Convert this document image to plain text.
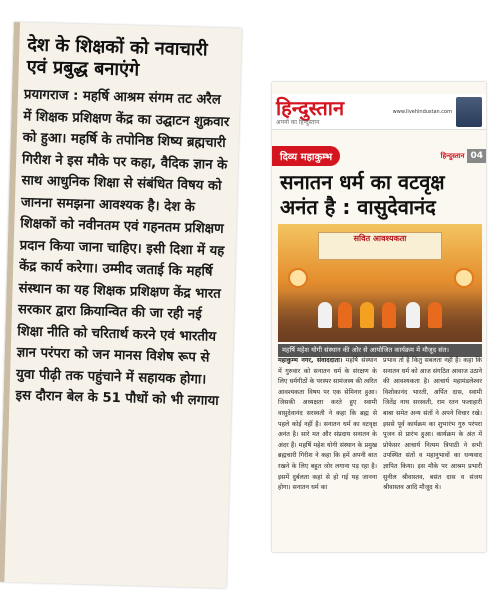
देश के शिक्षकों को नवाचारी एवं प्रबुद्ध बनाएंगे
प्रयागराज : महर्षि आश्रम संगम तट अरैल में शिक्षक प्रशिक्षण केंद्र का उद्घाटन शुक्रवार को हुआ। महर्षि के तपोनिष्ठ शिष्य ब्रह्मचारी गिरीश ने इस मौके पर कहा, वैदिक ज्ञान के साथ आधुनिक शिक्षा से संबंधित विषय को जानना समझना आवश्यक है। देश के शिक्षकों को नवीनतम एवं गहनतम प्रशिक्षण प्रदान किया जाना चाहिए। इसी दिशा में यह केंद्र कार्य करेगा। उम्मीद जताई कि महर्षि संस्थान का यह शिक्षक प्रशिक्षण केंद्र भारत सरकार द्वारा क्रियान्वित की जा रही नई शिक्षा नीति को चरितार्थ करने एवं भारतीय ज्ञान परंपरा को जन मानस विशेष रूप से युवा पीढ़ी तक पहुंचाने में सहायक होगा। इस दौरान बेल के 51 पौधों को भी लगाया
हिन्दुस्तान
अपनों का हिन्दुस्तान
www.livehindustan.com
दिव्य महाकुम्भ	हिन्दुस्तान 04
सनातन धर्म का वटवृक्ष अनंत है : वासुदेवानंद
सवित आवश्यकता
महर्षि महेश योगी संस्थान की ओर से आयोजित कार्यक्रम में मौजूद संत।
महाकुम्भ नगर, संवाददाता। महर्षि संस्थान में गुरुवार को सनातन धर्म के संरक्षण के लिए धर्मगीठों के परस्पर सामंजस्य की त्वरित आवश्यकता विषय पर एक सेमिनार हुआ। जिसकी अध्यक्षता करते हुए स्वामी वासुदेवानंद सरस्वती ने कहा कि ब्रह्म से पहले कोई नहीं है। सनातन धर्म का वटवृक्ष अनंत है। सारे मत और संप्रदाय सनातन के अंदर हैं। महर्षि महेश योगी संस्थान के प्रमुख ब्रह्मचारी गिरीश ने कहा कि हमें अपनी बात रखने के लिए बहुत जोर लगाना पड़ रहा है। इसमें दुर्बलता कहां से हो गई यह जानना होगा। सनातन धर्म का
प्रभाव तो है किंतु सबलता नहीं है। कहा कि सनातन धर्म को आज संगठित आवाज उठाने की आवश्यकता है। आचार्य महामंडलेश्वर विशोकानंद भारती, अर्पित दास, स्वामी जितेंद्र नाथ सरस्वती, राम रतन फलाहारी बाबा समेत अन्य संतों ने अपने विचार रखे। इससे पूर्व कार्यक्रम का शुभारंभ गुरु परंपरा पूजन से प्रारंभ हुआ। कार्यक्रम के अंत में प्रोफेसर आचार्य नित्यम त्रिपाठी ने सभी उपस्थित संतों व महानुभावों का धन्यवाद ज्ञापित किया। इस मौके पर आश्रम प्रभारी सुनील श्रीवास्तव, बसंत दास व संजय श्रीवास्तव आदि मौजूद थे।
